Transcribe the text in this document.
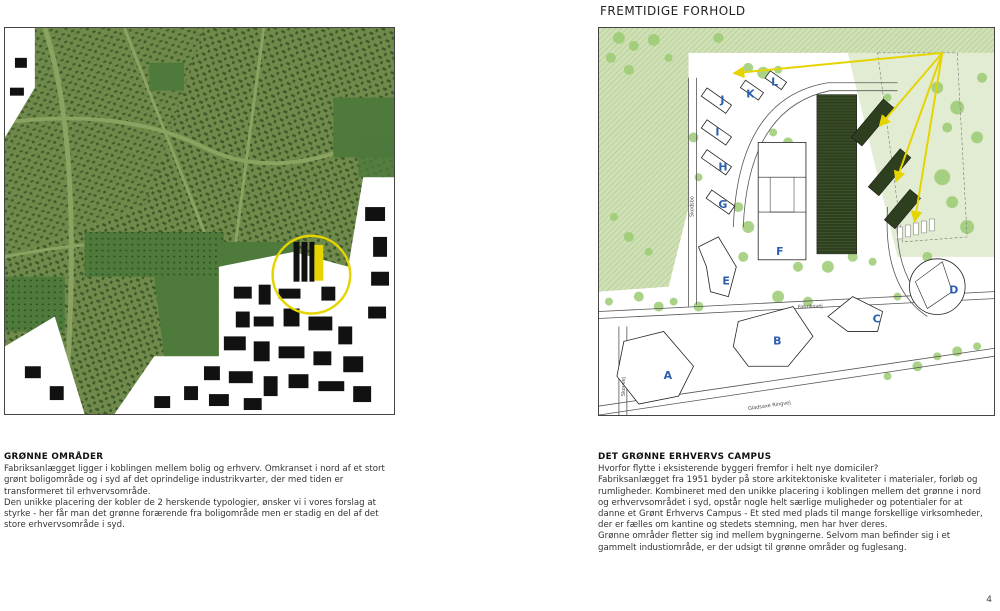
FREMTIDIGE FORHOLD
A
B
C
D
E
F
G
H
I
J K
L
Gladsaxe Ringvej
Fabriksvej
Skodsbo
Skovvej
GRØNNE OMRÅDER

Fabriksanlægget ligger i koblingen mellem bolig og erhverv. Omkranset i nord af et stort grønt boligområde og i syd af det oprindelige industrikvarter, der med tiden er transformeret til erhvervsområde.

Den unikke placering der kobler de 2 herskende typologier, ønsker vi i vores forslag at styrke - her får man det grønne forærende fra boligområde men er stadig en del af det store erhvervsområde i syd.

DET GRØNNE ERHVERVS CAMPUS

Hvorfor flytte i eksisterende byggeri fremfor i helt nye domiciler?

Fabriksanlægget fra 1951 byder på store arkitektoniske kvaliteter i materialer, forløb og rumligheder. Kombineret med den unikke placering i koblingen mellem det grønne i nord og erhvervsområdet i syd, opstår nogle helt særlige muligheder og potentialer for at danne et Grønt Erhvervs Campus - Et sted med plads til mange forskellige virksomheder, der er fælles om kantine og stedets stemning, men har hver deres.

Grønne områder fletter sig ind mellem bygningerne. Selvom man befinder sig i et gammelt industiområde, er der udsigt til grønne områder og fuglesang.

4
